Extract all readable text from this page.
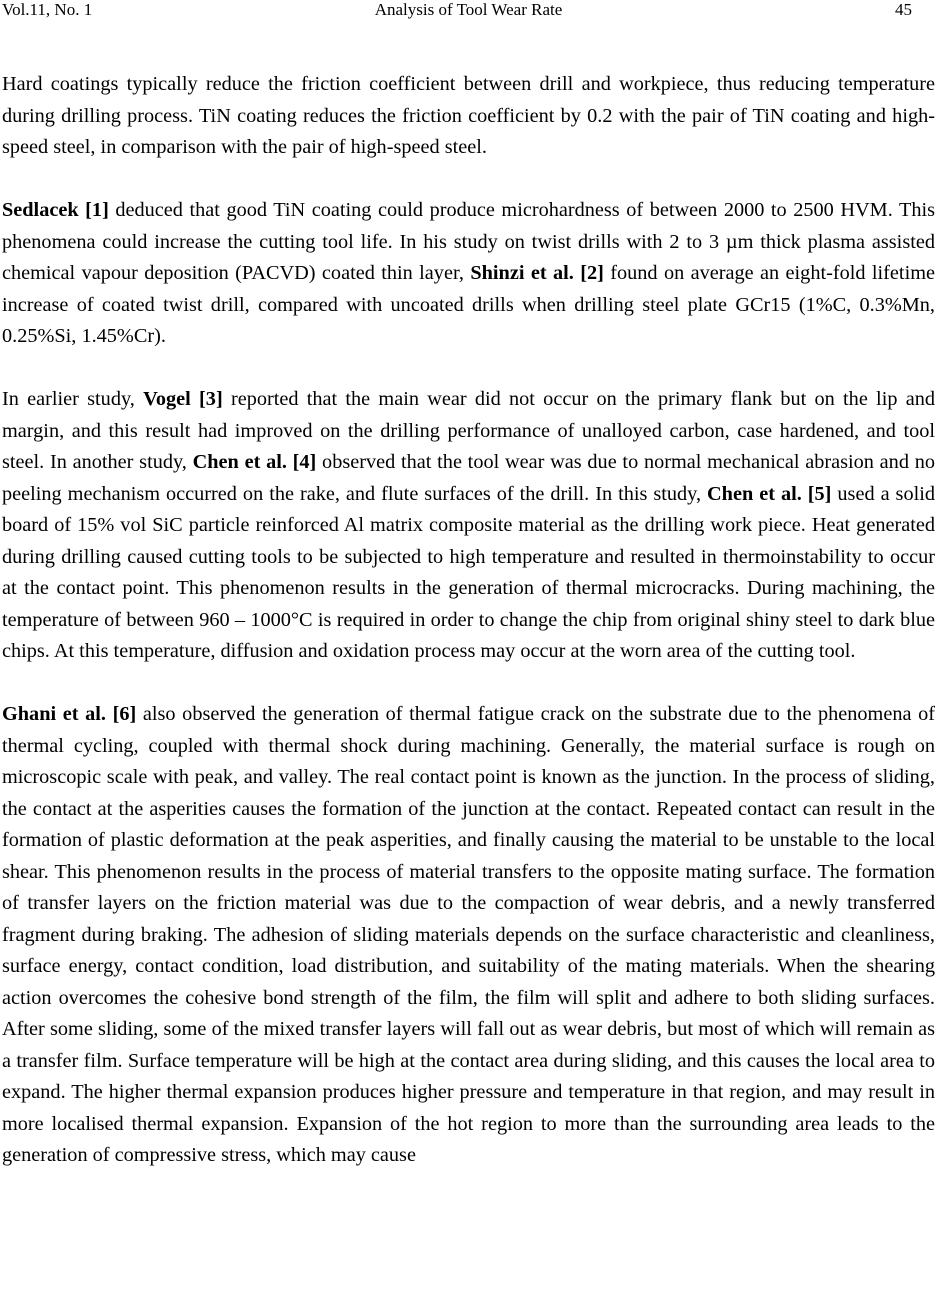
Vol.11, No. 1	Analysis of Tool Wear Rate	45

Hard coatings typically reduce the friction coefficient between drill and workpiece, thus reducing temperature during drilling process. TiN coating reduces the friction coefficient by 0.2 with the pair of TiN coating and high-speed steel, in comparison with the pair of high-speed steel.

Sedlacek [1] deduced that good TiN coating could produce microhardness of between 2000 to 2500 HVM. This phenomena could increase the cutting tool life. In his study on twist drills with 2 to 3 µm thick plasma assisted chemical vapour deposition (PACVD) coated thin layer, Shinzi et al. [2] found on average an eight-fold lifetime increase of coated twist drill, compared with uncoated drills when drilling steel plate GCr15 (1%C, 0.3%Mn, 0.25%Si, 1.45%Cr).

In earlier study, Vogel [3] reported that the main wear did not occur on the primary flank but on the lip and margin, and this result had improved on the drilling performance of unalloyed carbon, case hardened, and tool steel. In another study, Chen et al. [4] observed that the tool wear was due to normal mechanical abrasion and no peeling mechanism occurred on the rake, and flute surfaces of the drill. In this study, Chen et al. [5] used a solid board of 15% vol SiC particle reinforced Al matrix composite material as the drilling work piece. Heat generated during drilling caused cutting tools to be subjected to high temperature and resulted in thermoinstability to occur at the contact point. This phenomenon results in the generation of thermal microcracks. During machining, the temperature of between 960 – 1000°C is required in order to change the chip from original shiny steel to dark blue chips. At this temperature, diffusion and oxidation process may occur at the worn area of the cutting tool.

Ghani et al. [6] also observed the generation of thermal fatigue crack on the substrate due to the phenomena of thermal cycling, coupled with thermal shock during machining. Generally, the material surface is rough on microscopic scale with peak, and valley. The real contact point is known as the junction. In the process of sliding, the contact at the asperities causes the formation of the junction at the contact. Repeated contact can result in the formation of plastic deformation at the peak asperities, and finally causing the material to be unstable to the local shear. This phenomenon results in the process of material transfers to the opposite mating surface. The formation of transfer layers on the friction material was due to the compaction of wear debris, and a newly transferred fragment during braking. The adhesion of sliding materials depends on the surface characteristic and cleanliness, surface energy, contact condition, load distribution, and suitability of the mating materials. When the shearing action overcomes the cohesive bond strength of the film, the film will split and adhere to both sliding surfaces. After some sliding, some of the mixed transfer layers will fall out as wear debris, but most of which will remain as a transfer film. Surface temperature will be high at the contact area during sliding, and this causes the local area to expand. The higher thermal expansion produces higher pressure and temperature in that region, and may result in more localised thermal expansion. Expansion of the hot region to more than the surrounding area leads to the generation of compressive stress, which may cause
